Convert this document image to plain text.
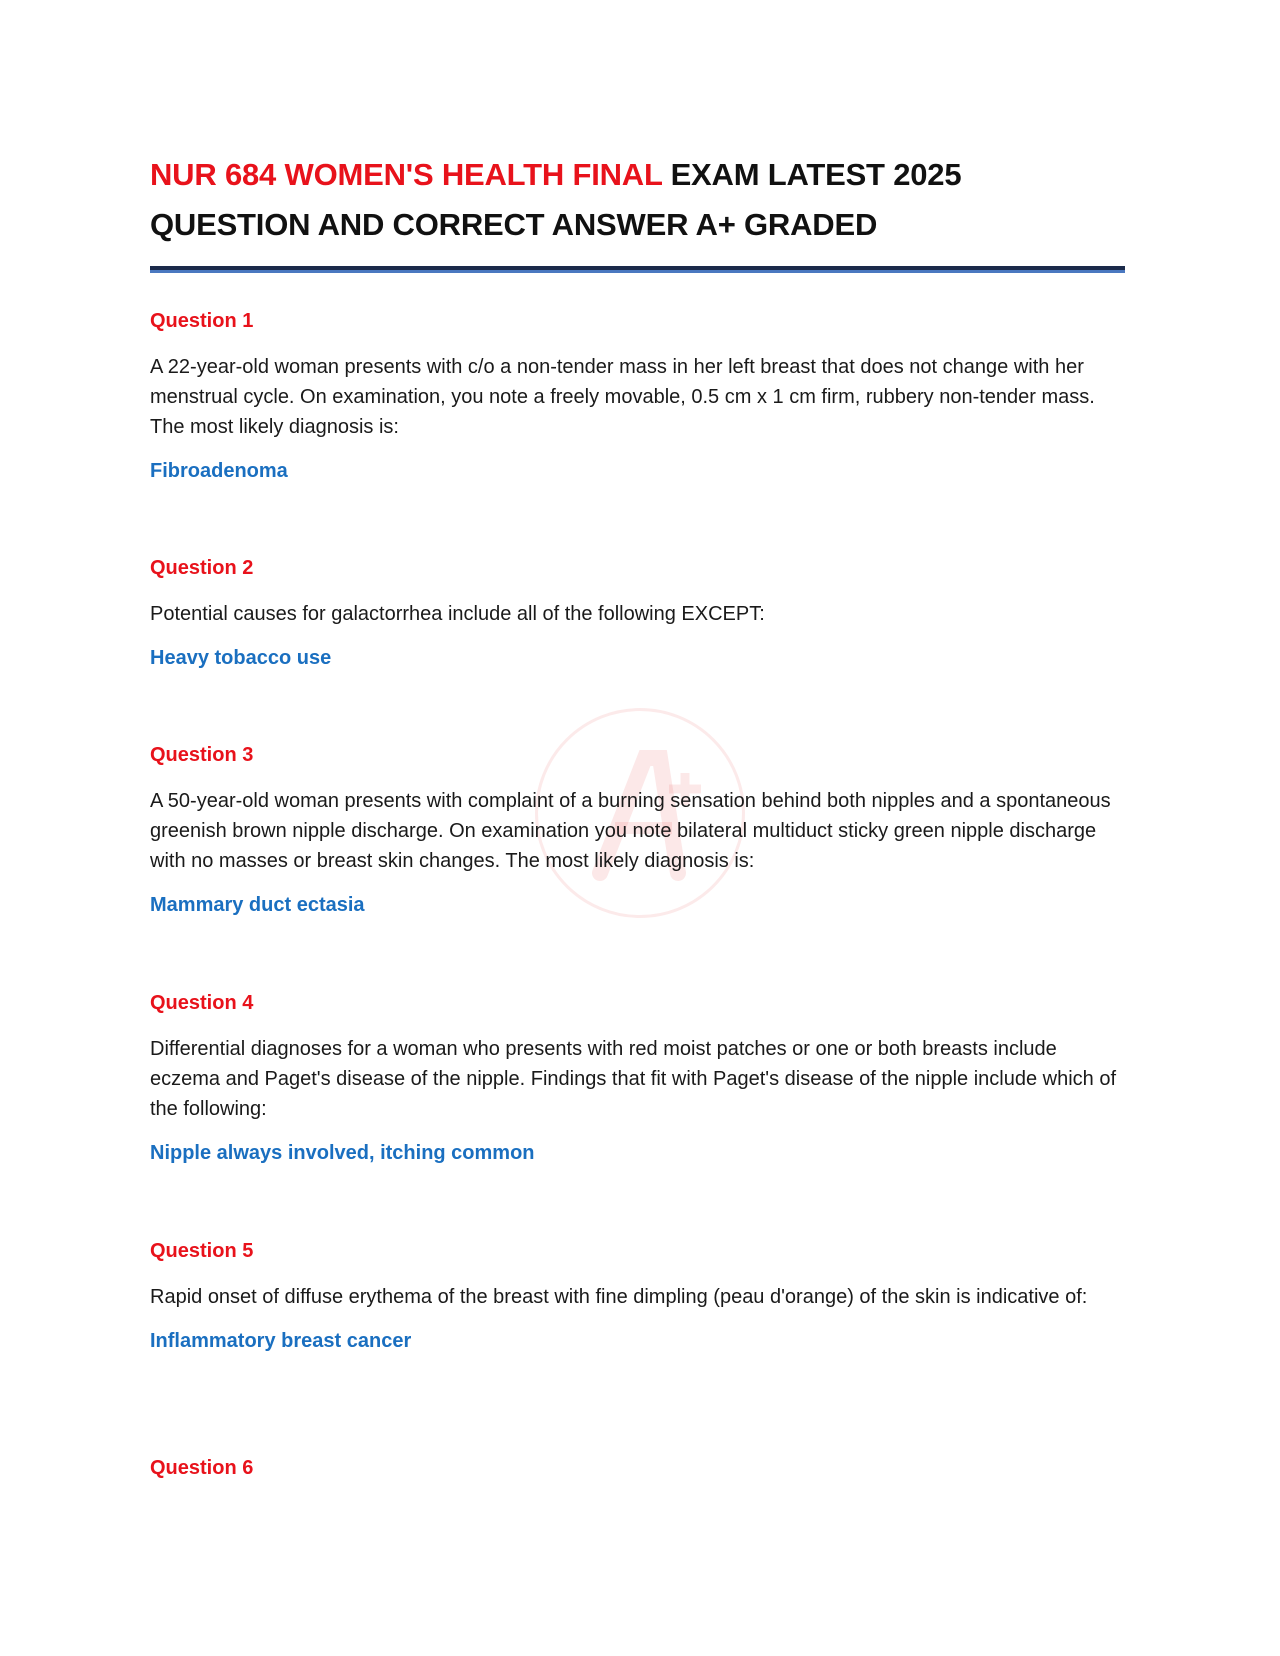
NUR 684 WOMEN'S HEALTH FINAL EXAM LATEST 2025 QUESTION AND CORRECT ANSWER A+ GRADED

Question 1

A 22-year-old woman presents with c/o a non-tender mass in her left breast that does not change with her menstrual cycle. On examination, you note a freely movable, 0.5 cm x 1 cm firm, rubbery non-tender mass. The most likely diagnosis is:

Fibroadenoma

Question 2

Potential causes for galactorrhea include all of the following EXCEPT:

Heavy tobacco use

Question 3

A 50-year-old woman presents with complaint of a burning sensation behind both nipples and a spontaneous greenish brown nipple discharge. On examination you note bilateral multiduct sticky green nipple discharge with no masses or breast skin changes. The most likely diagnosis is:

Mammary duct ectasia

Question 4

Differential diagnoses for a woman who presents with red moist patches or one or both breasts include eczema and Paget's disease of the nipple. Findings that fit with Paget's disease of the nipple include which of the following:

Nipple always involved, itching common

Question 5

Rapid onset of diffuse erythema of the breast with fine dimpling (peau d'orange) of the skin is indicative of:

Inflammatory breast cancer

Question 6
